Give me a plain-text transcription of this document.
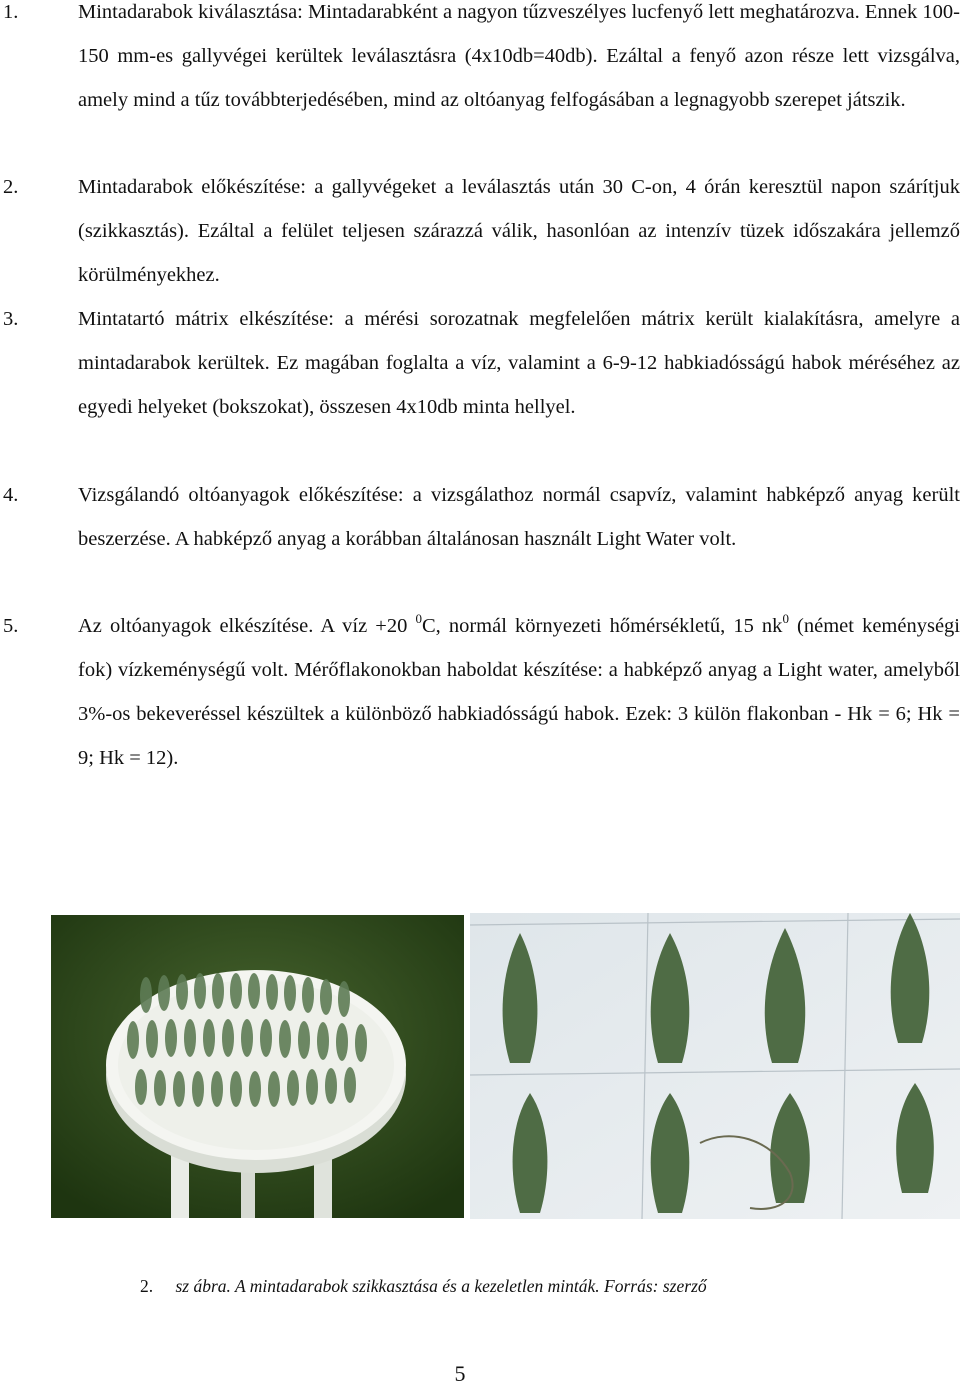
1.	Mintadarabok kiválasztása: Mintadarabként a nagyon tűzveszélyes lucfenyő lett meghatározva. Ennek 100-150 mm-es gallyvégei kerültek leválasztásra (4x10db=40db). Ezáltal a fenyő azon része lett vizsgálva, amely mind a tűz továbbterjedésében, mind az oltóanyag felfogásában a legnagyobb szerepet játszik.
2.	Mintadarabok előkészítése: a gallyvégeket a leválasztás után 30 C-on, 4 órán keresztül napon szárítjuk (szikkasztás). Ezáltal a felület teljesen szárazzá válik, hasonlóan az intenzív tüzek időszakára jellemző körülményekhez.
3.	Mintatartó mátrix elkészítése: a mérési sorozatnak megfelelően mátrix került kialakításra, amelyre a mintadarabok kerültek. Ez magában foglalta a víz, valamint a 6-9-12 habkiadósságú habok méréséhez az egyedi helyeket (bokszokat), összesen 4x10db minta hellyel.
4.	Vizsgálandó oltóanyagok előkészítése: a vizsgálathoz normál csapvíz, valamint habképző anyag került beszerzése. A habképző anyag a korábban általánosan használt Light Water volt.
5.	Az oltóanyagok elkészítése. A víz +20 $^0$C, normál környezeti hőmérsékletű, 15 $nk^0$ (német keménységi fok) vízkeménységű volt. Mérőflakonokban haboldat készítése: a habképző anyag a Light water, amelyből 3%-os bekeveréssel készültek a különböző habkiadósságú habok. Ezek: 3 külön flakonban - Hk = 6; Hk = 9; Hk = 12).
2. sz ábra. A mintadarabok szikkasztása és a kezeletlen minták. Forrás: szerző
5
